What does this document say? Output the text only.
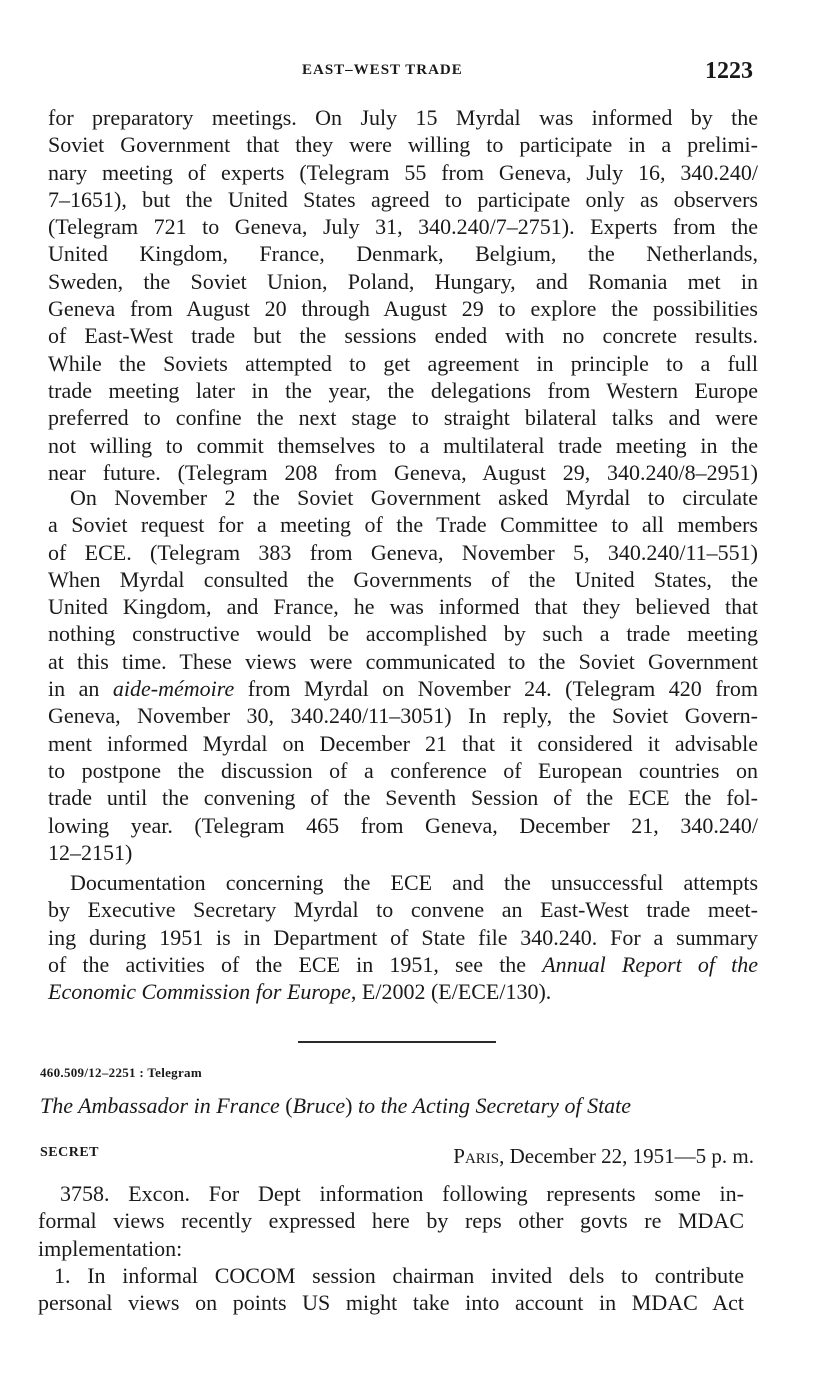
EAST–WEST TRADE	1223
for preparatory meetings. On July 15 Myrdal was informed by the
Soviet Government that they were willing to participate in a prelimi-
nary meeting of experts (Telegram 55 from Geneva, July 16, 340.240/
7–1651), but the United States agreed to participate only as observers
(Telegram 721 to Geneva, July 31, 340.240/7–2751). Experts from the
United Kingdom, France, Denmark, Belgium, the Netherlands,
Sweden, the Soviet Union, Poland, Hungary, and Romania met in
Geneva from August 20 through August 29 to explore the possibilities
of East-West trade but the sessions ended with no concrete results.
While the Soviets attempted to get agreement in principle to a full
trade meeting later in the year, the delegations from Western Europe
preferred to confine the next stage to straight bilateral talks and were
not willing to commit themselves to a multilateral trade meeting in the
near future. (Telegram 208 from Geneva, August 29, 340.240/8–2951)
On November 2 the Soviet Government asked Myrdal to circulate
a Soviet request for a meeting of the Trade Committee to all members
of ECE. (Telegram 383 from Geneva, November 5, 340.240/11–551)
When Myrdal consulted the Governments of the United States, the
United Kingdom, and France, he was informed that they believed that
nothing constructive would be accomplished by such a trade meeting
at this time. These views were communicated to the Soviet Government
in an aide-mémoire from Myrdal on November 24. (Telegram 420 from
Geneva, November 30, 340.240/11–3051) In reply, the Soviet Govern-
ment informed Myrdal on December 21 that it considered it advisable
to postpone the discussion of a conference of European countries on
trade until the convening of the Seventh Session of the ECE the fol-
lowing year. (Telegram 465 from Geneva, December 21, 340.240/
12–2151)
Documentation concerning the ECE and the unsuccessful attempts
by Executive Secretary Myrdal to convene an East-West trade meet-
ing during 1951 is in Department of State file 340.240. For a summary
of the activities of the ECE in 1951, see the Annual Report of the
Economic Commission for Europe, E/2002 (E/ECE/130).
460.509/12–2251 : Telegram
The Ambassador in France (Bruce) to the Acting Secretary of State
SECRET	Paris, December 22, 1951—5 p. m.
3758. Excon. For Dept information following represents some in-
formal views recently expressed here by reps other govts re MDAC
implementation:
1. In informal COCOM session chairman invited dels to contribute
personal views on points US might take into account in MDAC Act
